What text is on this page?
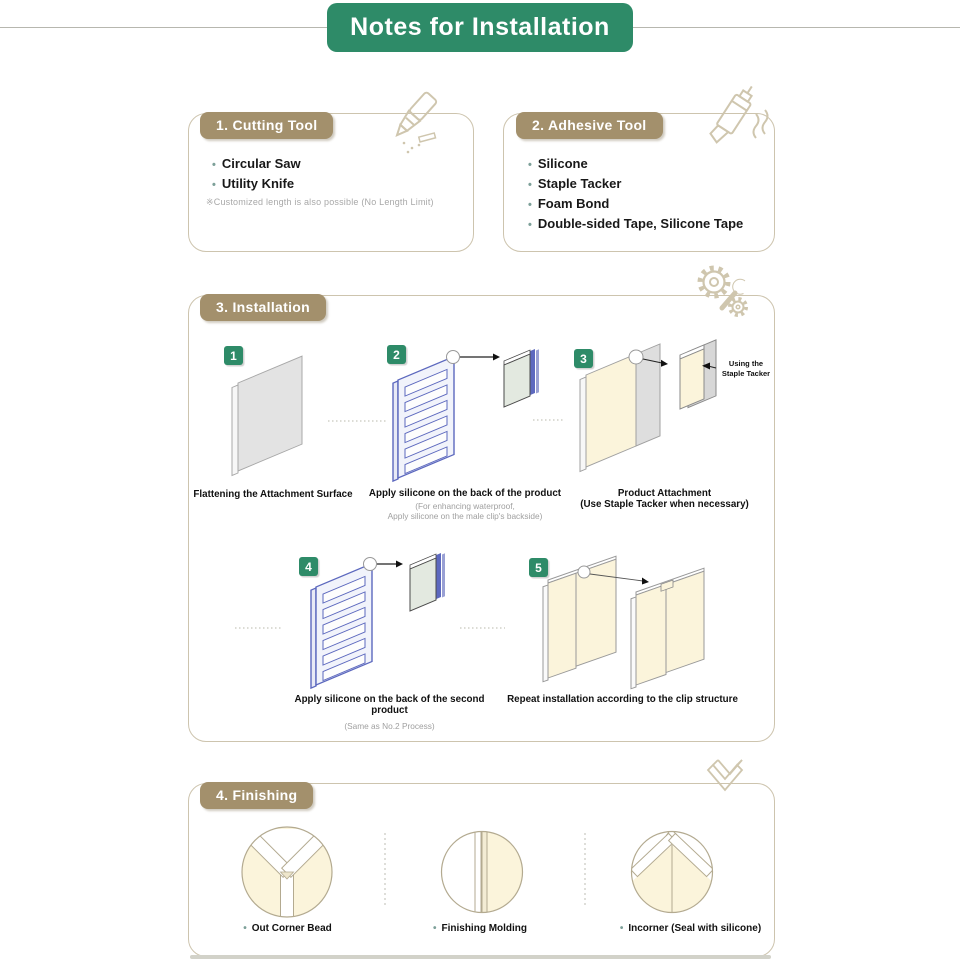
Notes for Installation
1. Cutting Tool
• Circular Saw
• Utility Knife
※Customized length is also possible (No Length Limit)
2. Adhesive Tool
• Silicone
• Staple Tacker
• Foam Bond
• Double-sided Tape, Silicone Tape
3. Installation
1	2	3
4	5
Using the
Staple Tacker
Flattening the Attachment Surface	Apply silicone on the back of the product
(For enhancing waterproof,
Apply silicone on the male clip's backside)
Product Attachment
(Use Staple Tacker when necessary)
Apply silicone on the back of the second product
(Same as No.2 Process)
Repeat installation according to the clip structure
4. Finishing
• Out Corner Bead	• Finishing Molding	• Incorner (Seal with silicone)
